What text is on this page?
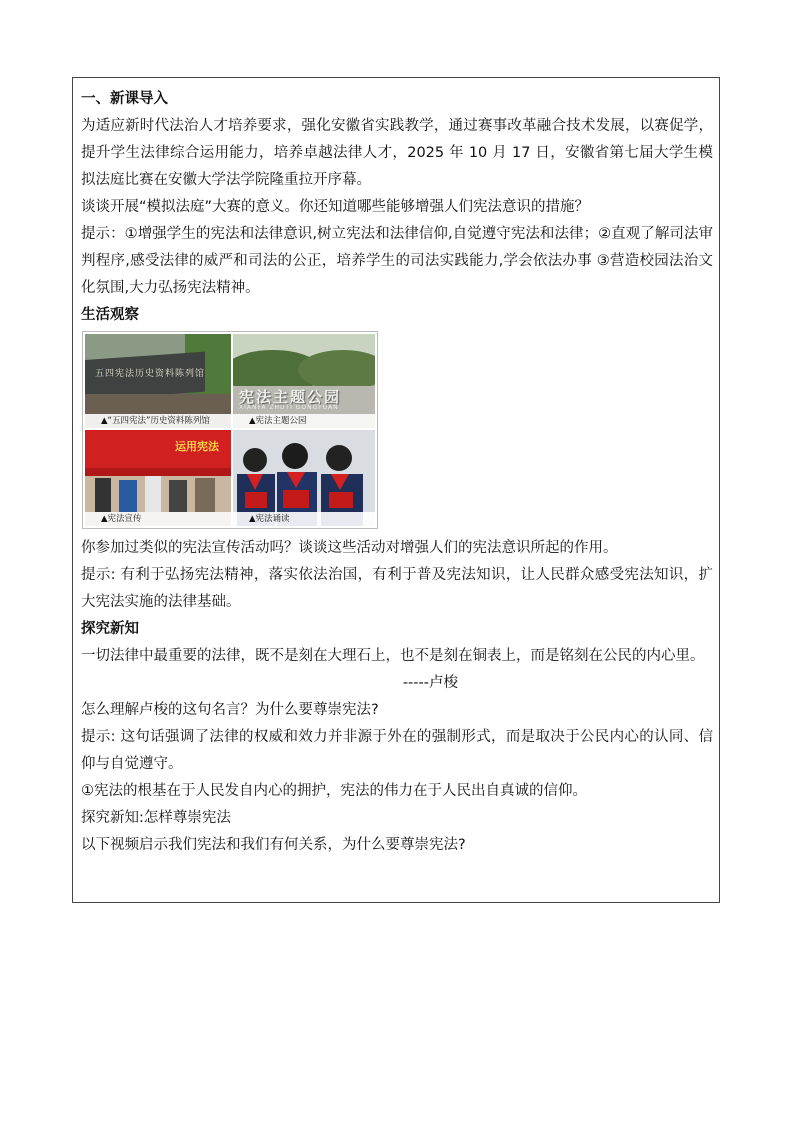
一、新课导入
为适应新时代法治人才培养要求，强化安徽省实践教学，通过赛事改革融合技术发展，以赛促学，提升学生法律综合运用能力，培养卓越法律人才，2025 年 10 月 17 日，安徽省第七届大学生模拟法庭比赛在安徽大学法学院隆重拉开序幕。
谈谈开展“模拟法庭”大赛的意义。你还知道哪些能够增强人们宪法意识的措施？
提示：①增强学生的宪法和法律意识,树立宪法和法律信仰,自觉遵守宪法和法律；②直观了解司法审判程序,感受法律的威严和司法的公正，培养学生的司法实践能力,学会依法办事 ③营造校园法治文化氛围,大力弘扬宪法精神。
生活观察
五四宪法历史资料陈列馆
▲“五四宪法”历史资料陈列馆
宪法主题公园
XIANFA ZHUTI GONGYUAN
▲宪法主题公园
运用宪法
▲宪法宣传	▲宪法诵读
你参加过类似的宪法宣传活动吗？谈谈这些活动对增强人们的宪法意识所起的作用。
提示: 有利于弘扬宪法精神，落实依法治国，有利于普及宪法知识，让人民群众感受宪法知识，扩大宪法实施的法律基础。
探究新知
一切法律中最重要的法律，既不是刻在大理石上，也不是刻在铜表上，而是铭刻在公民的内心里。
-----卢梭
怎么理解卢梭的这句名言？为什么要尊崇宪法?
提示: 这句话强调了法律的权威和效力并非源于外在的强制形式，而是取决于公民内心的认同、信仰与自觉遵守。
①宪法的根基在于人民发自内心的拥护，宪法的伟力在于人民出自真诚的信仰。
探究新知:怎样尊崇宪法
以下视频启示我们宪法和我们有何关系，为什么要尊崇宪法?
